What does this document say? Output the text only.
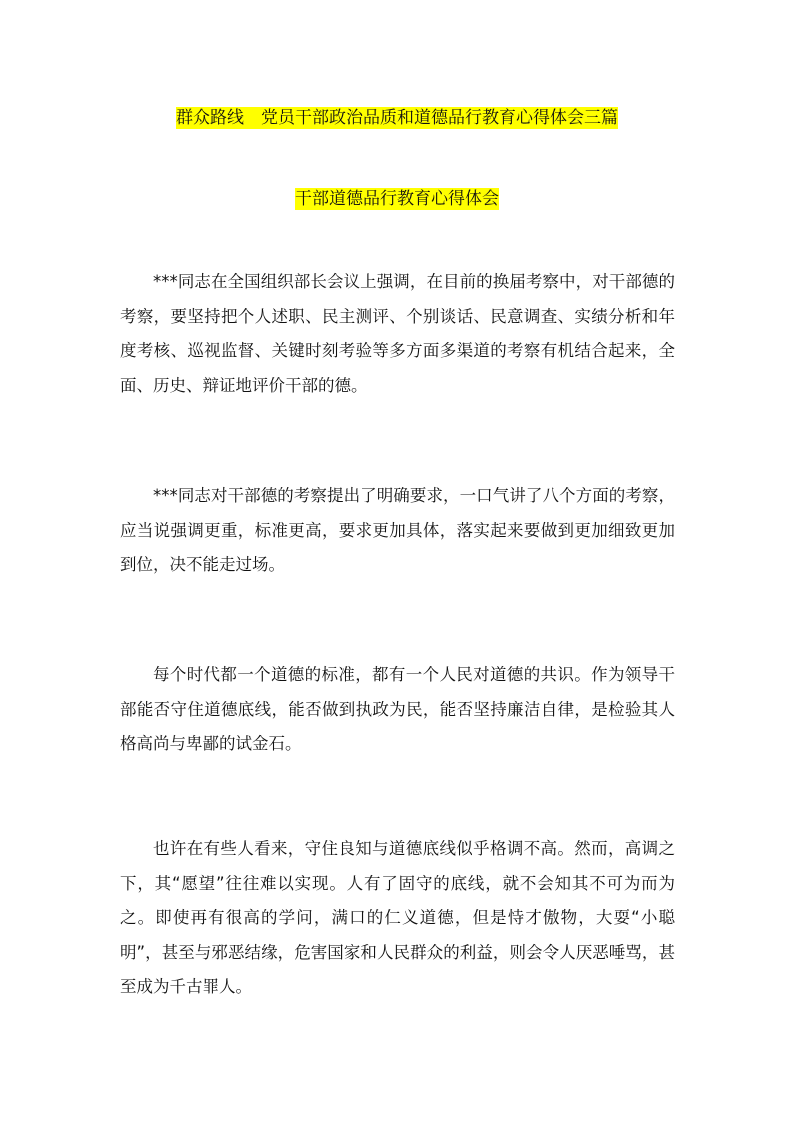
群众路线　党员干部政治品质和道德品行教育心得体会三篇
干部道德品行教育心得体会

***同志在全国组织部长会议上强调，在目前的换届考察中，对干部德的考察，要坚持把个人述职、民主测评、个别谈话、民意调查、实绩分析和年度考核、巡视监督、关键时刻考验等多方面多渠道的考察有机结合起来，全面、历史、辩证地评价干部的德。

***同志对干部德的考察提出了明确要求，一口气讲了八个方面的考察，应当说强调更重，标准更高，要求更加具体，落实起来要做到更加细致更加到位，决不能走过场。

每个时代都一个道德的标准，都有一个人民对道德的共识。作为领导干部能否守住道德底线，能否做到执政为民，能否坚持廉洁自律，是检验其人格高尚与卑鄙的试金石。

也许在有些人看来，守住良知与道德底线似乎格调不高。然而，高调之下，其“愿望”往往难以实现。人有了固守的底线，就不会知其不可为而为之。即使再有很高的学问，满口的仁义道德，但是恃才傲物，大耍“小聪明”，甚至与邪恶结缘，危害国家和人民群众的利益，则会令人厌恶唾骂，甚至成为千古罪人。
